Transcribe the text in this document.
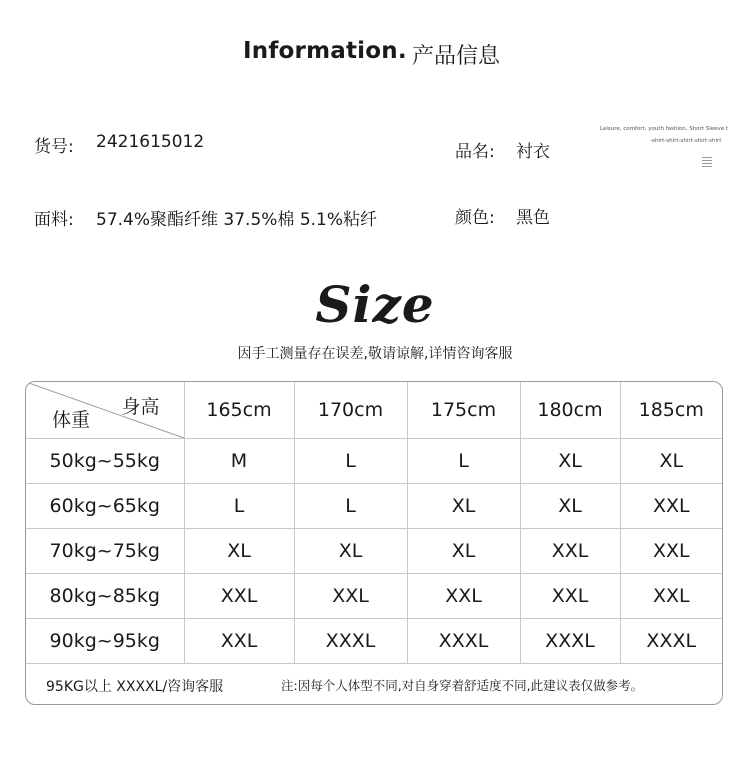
Information. 产品信息
货号: 2421615012	品名: 衬衣
面料: 57.4%聚酯纤维 37.5%棉 5.1%粘纤	颜色: 黑色
Leisure, comfort, youth fashion, Short Sleeve t
-shirt-shirt-shirt-shirt-shirt
Size
因手工测量存在误差,敬请谅解,详情咨询客服
身高
体重	165cm	170cm	175cm	180cm	185cm
50kg~55kg	M	L	L	XL	XL
60kg~65kg	L	L	XL	XL	XXL
70kg~75kg	XL	XL	XL	XXL	XXL
80kg~85kg	XXL	XXL	XXL	XXL	XXL
90kg~95kg	XXL	XXXL	XXXL	XXXL	XXXL
95KG以上 XXXXL/咨询客服	注:因每个人体型不同,对自身穿着舒适度不同,此建议表仅做参考。
